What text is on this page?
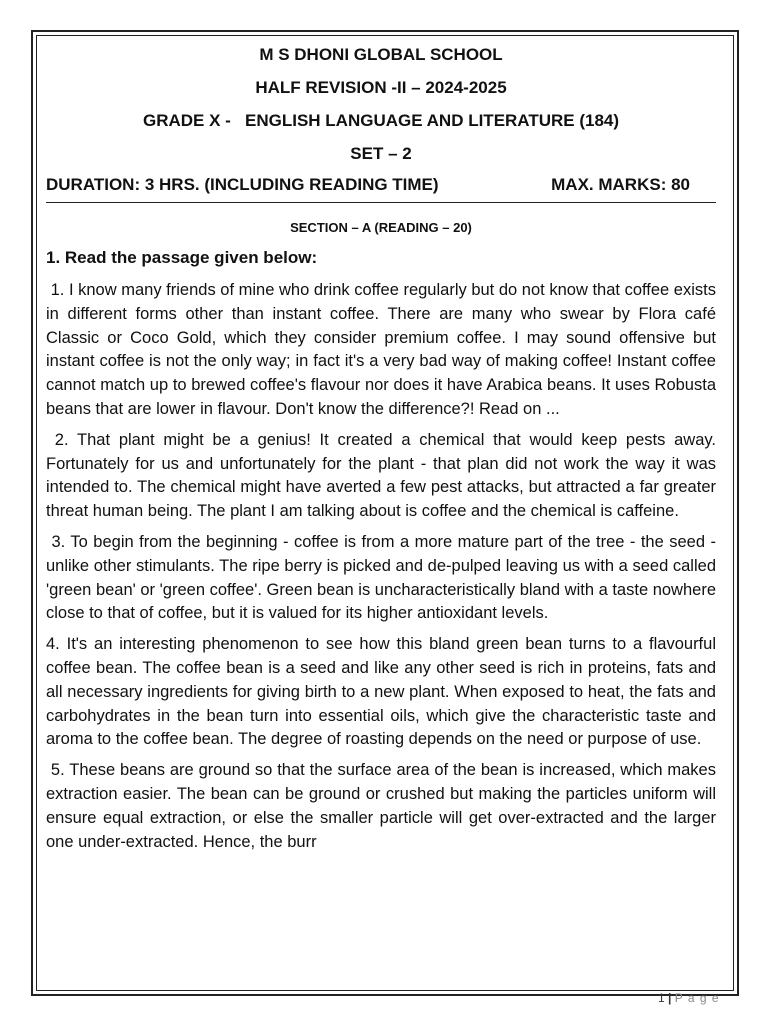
M S DHONI GLOBAL SCHOOL
HALF REVISION -II – 2024-2025
GRADE X -   ENGLISH LANGUAGE AND LITERATURE (184)
SET – 2
DURATION: 3 HRS. (INCLUDING READING TIME)	MAX. MARKS: 80
SECTION – A (READING – 20)
1. Read the passage given below:

1. I know many friends of mine who drink coffee regularly but do not know that coffee exists in different forms other than instant coffee. There are many who swear by Flora café Classic or Coco Gold, which they consider premium coffee. I may sound offensive but instant coffee is not the only way; in fact it's a very bad way of making coffee! Instant coffee cannot match up to brewed coffee's flavour nor does it have Arabica beans. It uses Robusta beans that are lower in flavour. Don't know the difference?! Read on ...

2. That plant might be a genius! It created a chemical that would keep pests away. Fortunately for us and unfortunately for the plant - that plan did not work the way it was intended to. The chemical might have averted a few pest attacks, but attracted a far greater threat human being. The plant I am talking about is coffee and the chemical is caffeine.

3. To begin from the beginning - coffee is from a more mature part of the tree - the seed - unlike other stimulants. The ripe berry is picked and de-pulped leaving us with a seed called 'green bean' or 'green coffee'. Green bean is uncharacteristically bland with a taste nowhere close to that of coffee, but it is valued for its higher antioxidant levels.

4. It's an interesting phenomenon to see how this bland green bean turns to a flavourful coffee bean. The coffee bean is a seed and like any other seed is rich in proteins, fats and all necessary ingredients for giving birth to a new plant. When exposed to heat, the fats and carbohydrates in the bean turn into essential oils, which give the characteristic taste and aroma to the coffee bean. The degree of roasting depends on the need or purpose of use.

5. These beans are ground so that the surface area of the bean is increased, which makes extraction easier. The bean can be ground or crushed but making the particles uniform will ensure equal extraction, or else the smaller particle will get over-extracted and the larger one under-extracted. Hence, the burr

1 | P a g e
